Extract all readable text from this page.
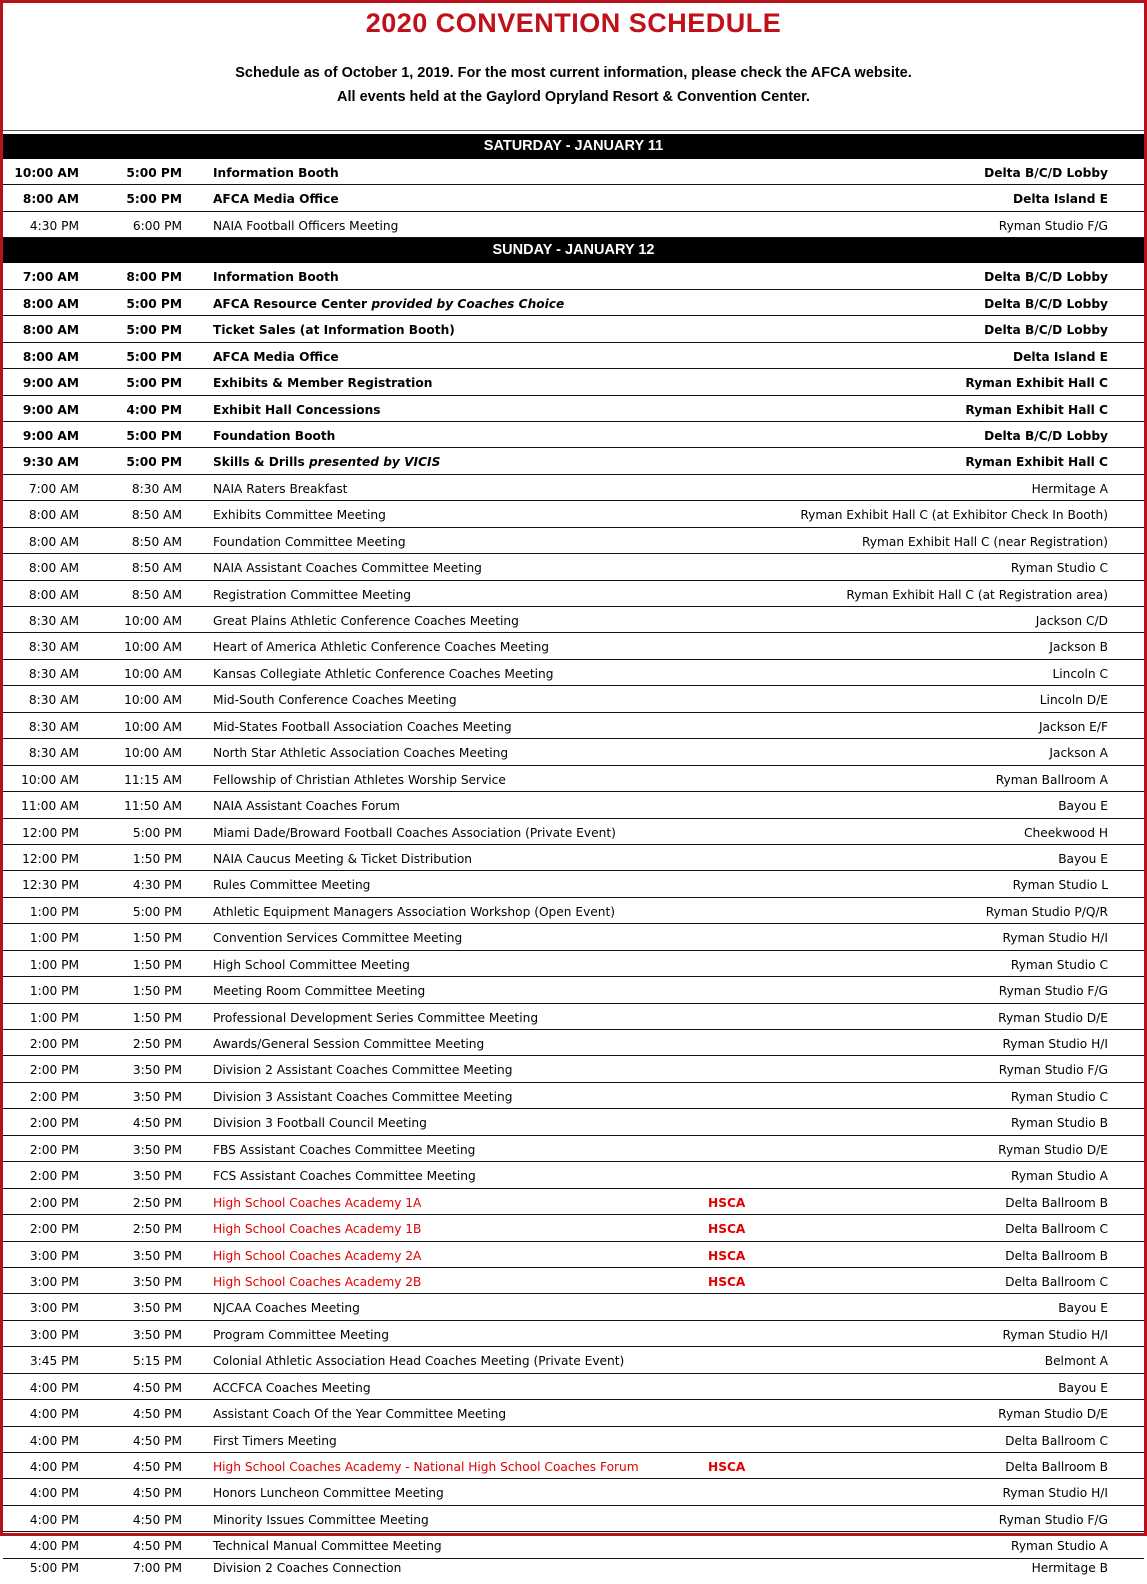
2020 CONVENTION SCHEDULE
Schedule as of October 1, 2019. For the most current information, please check the AFCA website.
All events held at the Gaylord Opryland Resort & Convention Center.
SATURDAY - JANUARY 11
10:00 AM	5:00 PM	Information Booth	Delta B/C/D Lobby
8:00 AM	5:00 PM	AFCA Media Office	Delta Island E
4:30 PM	6:00 PM	NAIA Football Officers Meeting	Ryman Studio F/G
SUNDAY - JANUARY 12
7:00 AM	8:00 PM	Information Booth	Delta B/C/D Lobby
8:00 AM	5:00 PM	AFCA Resource Center provided by Coaches Choice	Delta B/C/D Lobby
8:00 AM	5:00 PM	Ticket Sales (at Information Booth)	Delta B/C/D Lobby
8:00 AM	5:00 PM	AFCA Media Office	Delta Island E
9:00 AM	5:00 PM	Exhibits & Member Registration	Ryman Exhibit Hall C
9:00 AM	4:00 PM	Exhibit Hall Concessions	Ryman Exhibit Hall C
9:00 AM	5:00 PM	Foundation Booth	Delta B/C/D Lobby
9:30 AM	5:00 PM	Skills & Drills presented by VICIS	Ryman Exhibit Hall C
7:00 AM	8:30 AM	NAIA Raters Breakfast	Hermitage A
8:00 AM	8:50 AM	Exhibits Committee Meeting	Ryman Exhibit Hall C (at Exhibitor Check In Booth)
8:00 AM	8:50 AM	Foundation Committee Meeting	Ryman Exhibit Hall C (near Registration)
8:00 AM	8:50 AM	NAIA Assistant Coaches Committee Meeting	Ryman Studio C
8:00 AM	8:50 AM	Registration Committee Meeting	Ryman Exhibit Hall C (at Registration area)
8:30 AM	10:00 AM	Great Plains Athletic Conference Coaches Meeting	Jackson C/D
8:30 AM	10:00 AM	Heart of America Athletic Conference Coaches Meeting	Jackson B
8:30 AM	10:00 AM	Kansas Collegiate Athletic Conference Coaches Meeting	Lincoln C
8:30 AM	10:00 AM	Mid-South Conference Coaches Meeting	Lincoln D/E
8:30 AM	10:00 AM	Mid-States Football Association Coaches Meeting	Jackson E/F
8:30 AM	10:00 AM	North Star Athletic Association Coaches Meeting	Jackson A
10:00 AM	11:15 AM	Fellowship of Christian Athletes Worship Service	Ryman Ballroom A
11:00 AM	11:50 AM	NAIA Assistant Coaches Forum	Bayou E
12:00 PM	5:00 PM	Miami Dade/Broward Football Coaches Association (Private Event)	Cheekwood H
12:00 PM	1:50 PM	NAIA Caucus Meeting & Ticket Distribution	Bayou E
12:30 PM	4:30 PM	Rules Committee Meeting	Ryman Studio L
1:00 PM	5:00 PM	Athletic Equipment Managers Association Workshop (Open Event)	Ryman Studio P/Q/R
1:00 PM	1:50 PM	Convention Services Committee Meeting	Ryman Studio H/I
1:00 PM	1:50 PM	High School Committee Meeting	Ryman Studio C
1:00 PM	1:50 PM	Meeting Room Committee Meeting	Ryman Studio F/G
1:00 PM	1:50 PM	Professional Development Series Committee Meeting	Ryman Studio D/E
2:00 PM	2:50 PM	Awards/General Session Committee Meeting	Ryman Studio H/I
2:00 PM	3:50 PM	Division 2 Assistant Coaches Committee Meeting	Ryman Studio F/G
2:00 PM	3:50 PM	Division 3 Assistant Coaches Committee Meeting	Ryman Studio C
2:00 PM	4:50 PM	Division 3 Football Council Meeting	Ryman Studio B
2:00 PM	3:50 PM	FBS Assistant Coaches Committee Meeting	Ryman Studio D/E
2:00 PM	3:50 PM	FCS Assistant Coaches Committee Meeting	Ryman Studio A
2:00 PM	2:50 PM	High School Coaches Academy 1A	HSCA	Delta Ballroom B
2:00 PM	2:50 PM	High School Coaches Academy 1B	HSCA	Delta Ballroom C
3:00 PM	3:50 PM	High School Coaches Academy 2A	HSCA	Delta Ballroom B
3:00 PM	3:50 PM	High School Coaches Academy 2B	HSCA	Delta Ballroom C
3:00 PM	3:50 PM	NJCAA Coaches Meeting	Bayou E
3:00 PM	3:50 PM	Program Committee Meeting	Ryman Studio H/I
3:45 PM	5:15 PM	Colonial Athletic Association Head Coaches Meeting (Private Event)	Belmont A
4:00 PM	4:50 PM	ACCFCA Coaches Meeting	Bayou E
4:00 PM	4:50 PM	Assistant Coach Of the Year Committee Meeting	Ryman Studio D/E
4:00 PM	4:50 PM	First Timers Meeting	Delta Ballroom C
4:00 PM	4:50 PM	High School Coaches Academy - National High School Coaches Forum	HSCA	Delta Ballroom B
4:00 PM	4:50 PM	Honors Luncheon Committee Meeting	Ryman Studio H/I
4:00 PM	4:50 PM	Minority Issues Committee Meeting	Ryman Studio F/G
4:00 PM	4:50 PM	Technical Manual Committee Meeting	Ryman Studio A
5:00 PM	7:00 PM	Division 2 Coaches Connection	Hermitage B
